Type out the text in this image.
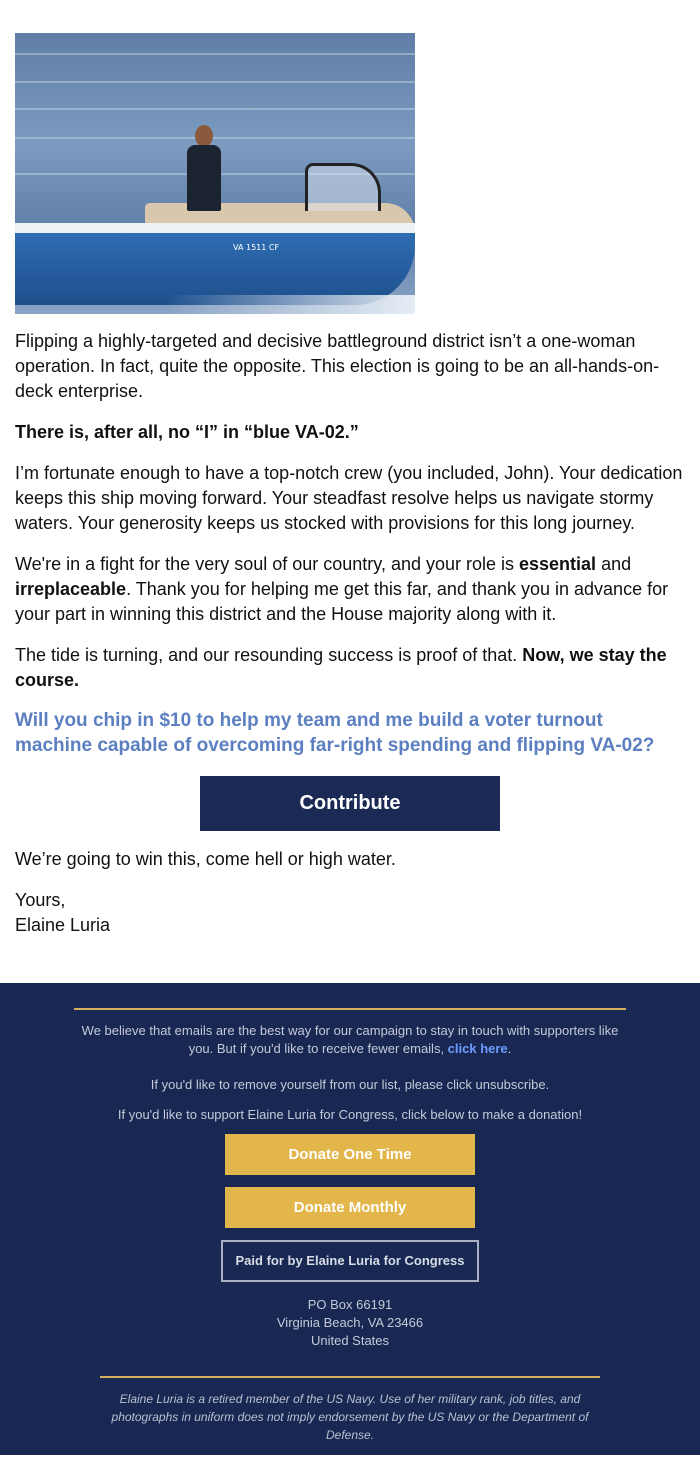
VA 1511 CF

Flipping a highly-targeted and decisive battleground district isn’t a one-woman operation. In fact, quite the opposite. This election is going to be an all-hands-on-deck enterprise.

There is, after all, no “I” in “blue VA-02.”

I’m fortunate enough to have a top-notch crew (you included, John). Your dedication keeps this ship moving forward. Your steadfast resolve helps us navigate stormy waters. Your generosity keeps us stocked with provisions for this long journey.

We're in a fight for the very soul of our country, and your role is essential and irreplaceable. Thank you for helping me get this far, and thank you in advance for your part in winning this district and the House majority along with it.

The tide is turning, and our resounding success is proof of that. Now, we stay the course.

Will you chip in $10 to help my team and me build a voter turnout machine capable of overcoming far-right spending and flipping VA-02?

Contribute

We’re going to win this, come hell or high water.

Yours,
Elaine Luria
We believe that emails are the best way for our campaign to stay in touch with supporters like you. But if you'd like to receive fewer emails, click here.
If you'd like to remove yourself from our list, please click unsubscribe.
If you'd like to support Elaine Luria for Congress, click below to make a donation!
Donate One Time
Donate Monthly
Paid for by Elaine Luria for Congress
PO Box 66191
Virginia Beach, VA 23466
United States
Elaine Luria is a retired member of the US Navy. Use of her military rank, job titles, and photographs in uniform does not imply endorsement by the US Navy or the Department of Defense.
